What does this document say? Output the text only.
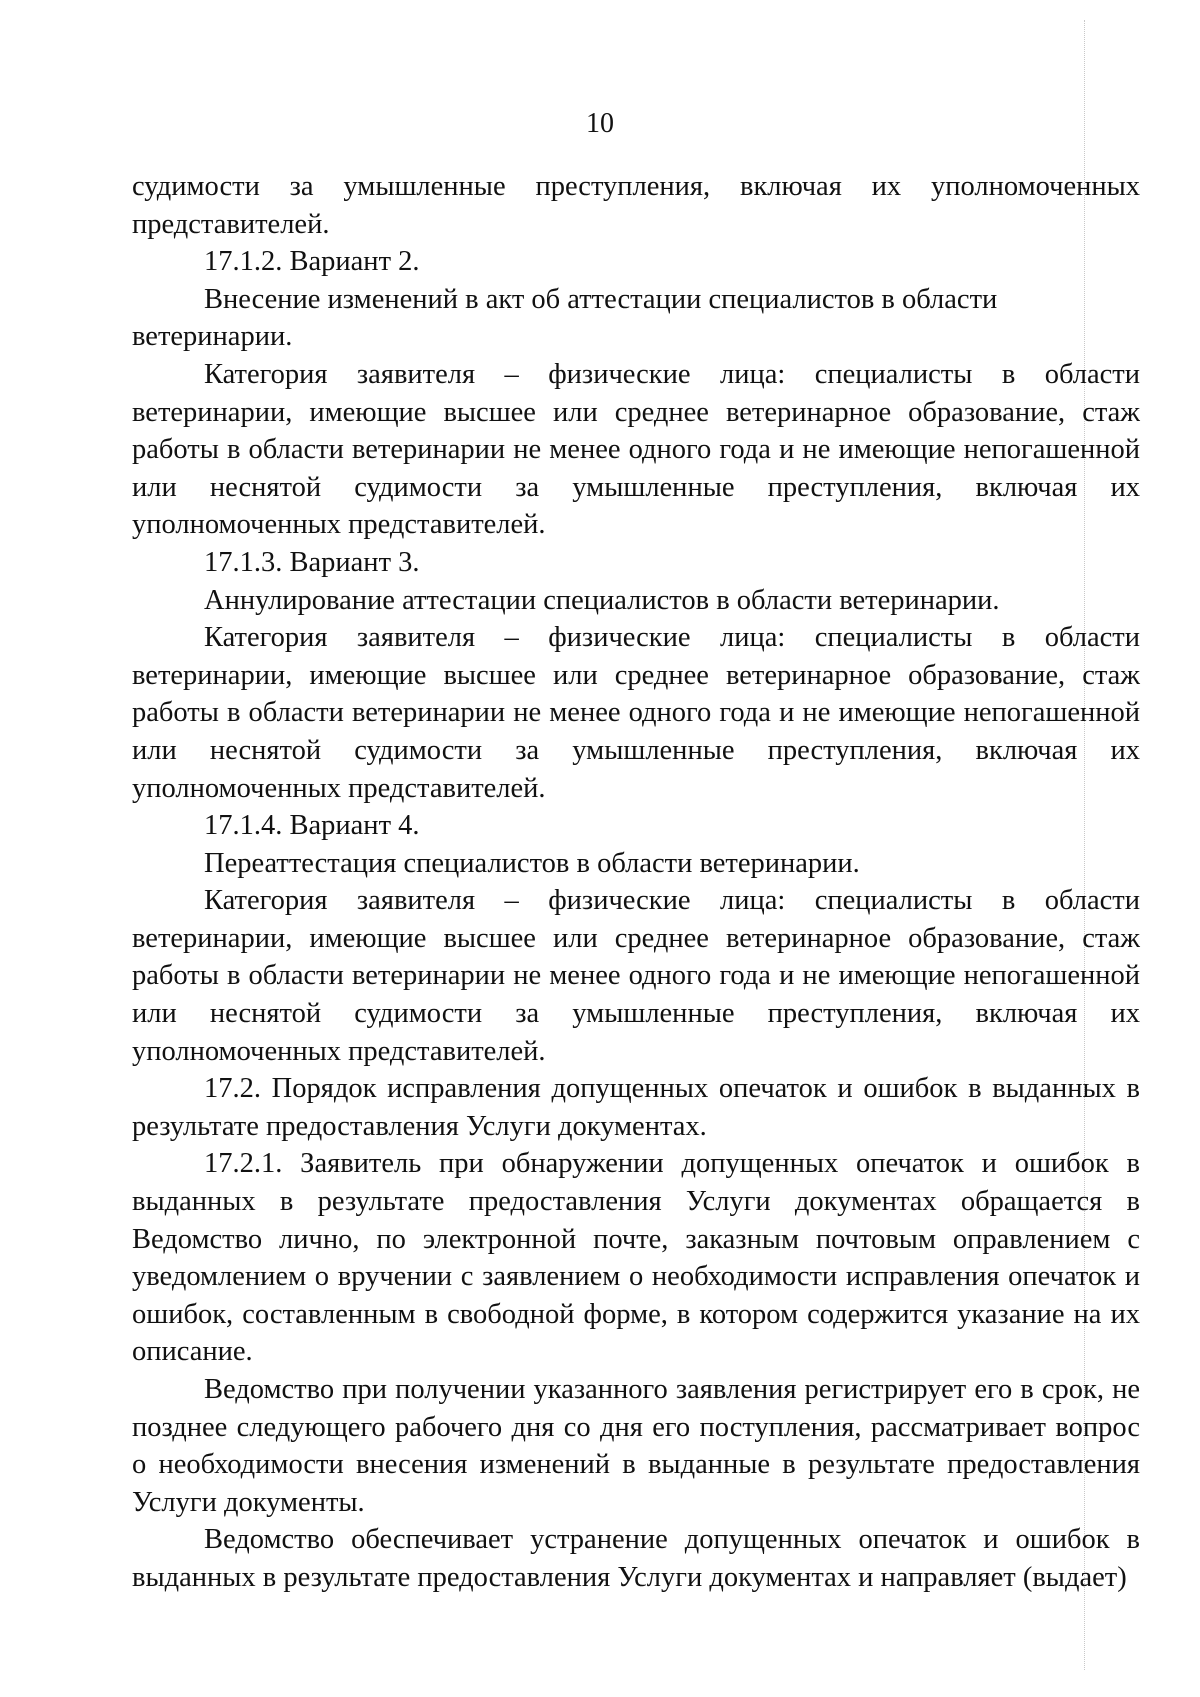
10

судимости за умышленные преступления, включая их уполномоченных представителей.

17.1.2. Вариант 2.

Внесение изменений в акт об аттестации специалистов в области ветеринарии.

Категория заявителя – физические лица: специалисты в области ветеринарии, имеющие высшее или среднее ветеринарное образование, стаж работы в области ветеринарии не менее одного года и не имеющие непогашенной или неснятой судимости за умышленные преступления, включая их уполномоченных представителей.

17.1.3. Вариант 3.

Аннулирование аттестации специалистов в области ветеринарии.

Категория заявителя – физические лица: специалисты в области ветеринарии, имеющие высшее или среднее ветеринарное образование, стаж работы в области ветеринарии не менее одного года и не имеющие непогашенной или неснятой судимости за умышленные преступления, включая их уполномоченных представителей.

17.1.4. Вариант 4.

Переаттестация специалистов в области ветеринарии.

Категория заявителя – физические лица: специалисты в области ветеринарии, имеющие высшее или среднее ветеринарное образование, стаж работы в области ветеринарии не менее одного года и не имеющие непогашенной или неснятой судимости за умышленные преступления, включая их уполномоченных представителей.

17.2. Порядок исправления допущенных опечаток и ошибок в выданных в результате предоставления Услуги документах.

17.2.1. Заявитель при обнаружении допущенных опечаток и ошибок в выданных в результате предоставления Услуги документах обращается в Ведомство лично, по электронной почте, заказным почтовым оправлением с уведомлением о вручении с заявлением о необходимости исправления опечаток и ошибок, составленным в свободной форме, в котором содержится указание на их описание.

Ведомство при получении указанного заявления регистрирует его в срок, не позднее следующего рабочего дня со дня его поступления, рассматривает вопрос о необходимости внесения изменений в выданные в результате предоставления Услуги документы.

Ведомство обеспечивает устранение допущенных опечаток и ошибок в выданных в результате предоставления Услуги документах и направляет (выдает)
